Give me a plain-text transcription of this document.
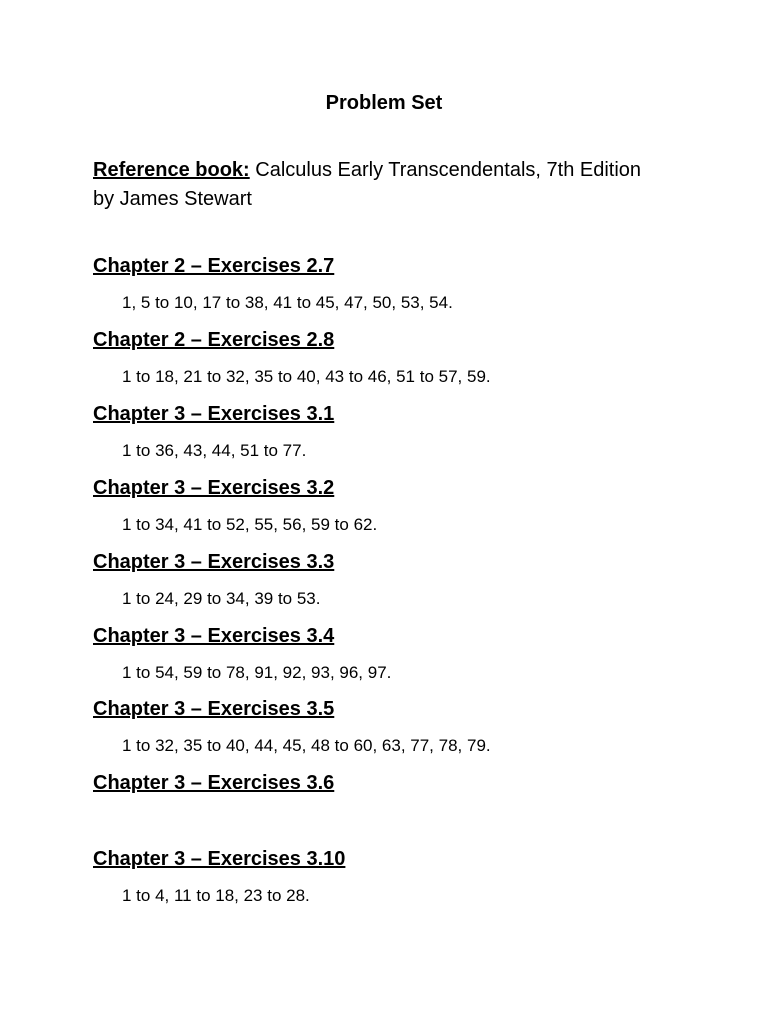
Problem Set
Reference book: Calculus Early Transcendentals, 7th Edition
by James Stewart
Chapter 2 – Exercises 2.7
1, 5 to 10, 17 to 38, 41 to 45, 47, 50, 53, 54.
Chapter 2 – Exercises 2.8
1 to 18, 21 to 32, 35 to 40, 43 to 46, 51 to 57, 59.
Chapter 3 – Exercises 3.1
1 to 36, 43, 44, 51 to 77.
Chapter 3 – Exercises 3.2
1 to 34, 41 to 52, 55, 56, 59 to 62.
Chapter 3 – Exercises 3.3
1 to 24, 29 to 34, 39 to 53.
Chapter 3 – Exercises 3.4
1 to 54, 59 to 78, 91, 92, 93, 96, 97.
Chapter 3 – Exercises 3.5
1 to 32, 35 to 40, 44, 45, 48 to 60, 63, 77, 78, 79.
Chapter 3 – Exercises 3.6
Chapter 3 – Exercises 3.10
1 to 4, 11 to 18, 23 to 28.
